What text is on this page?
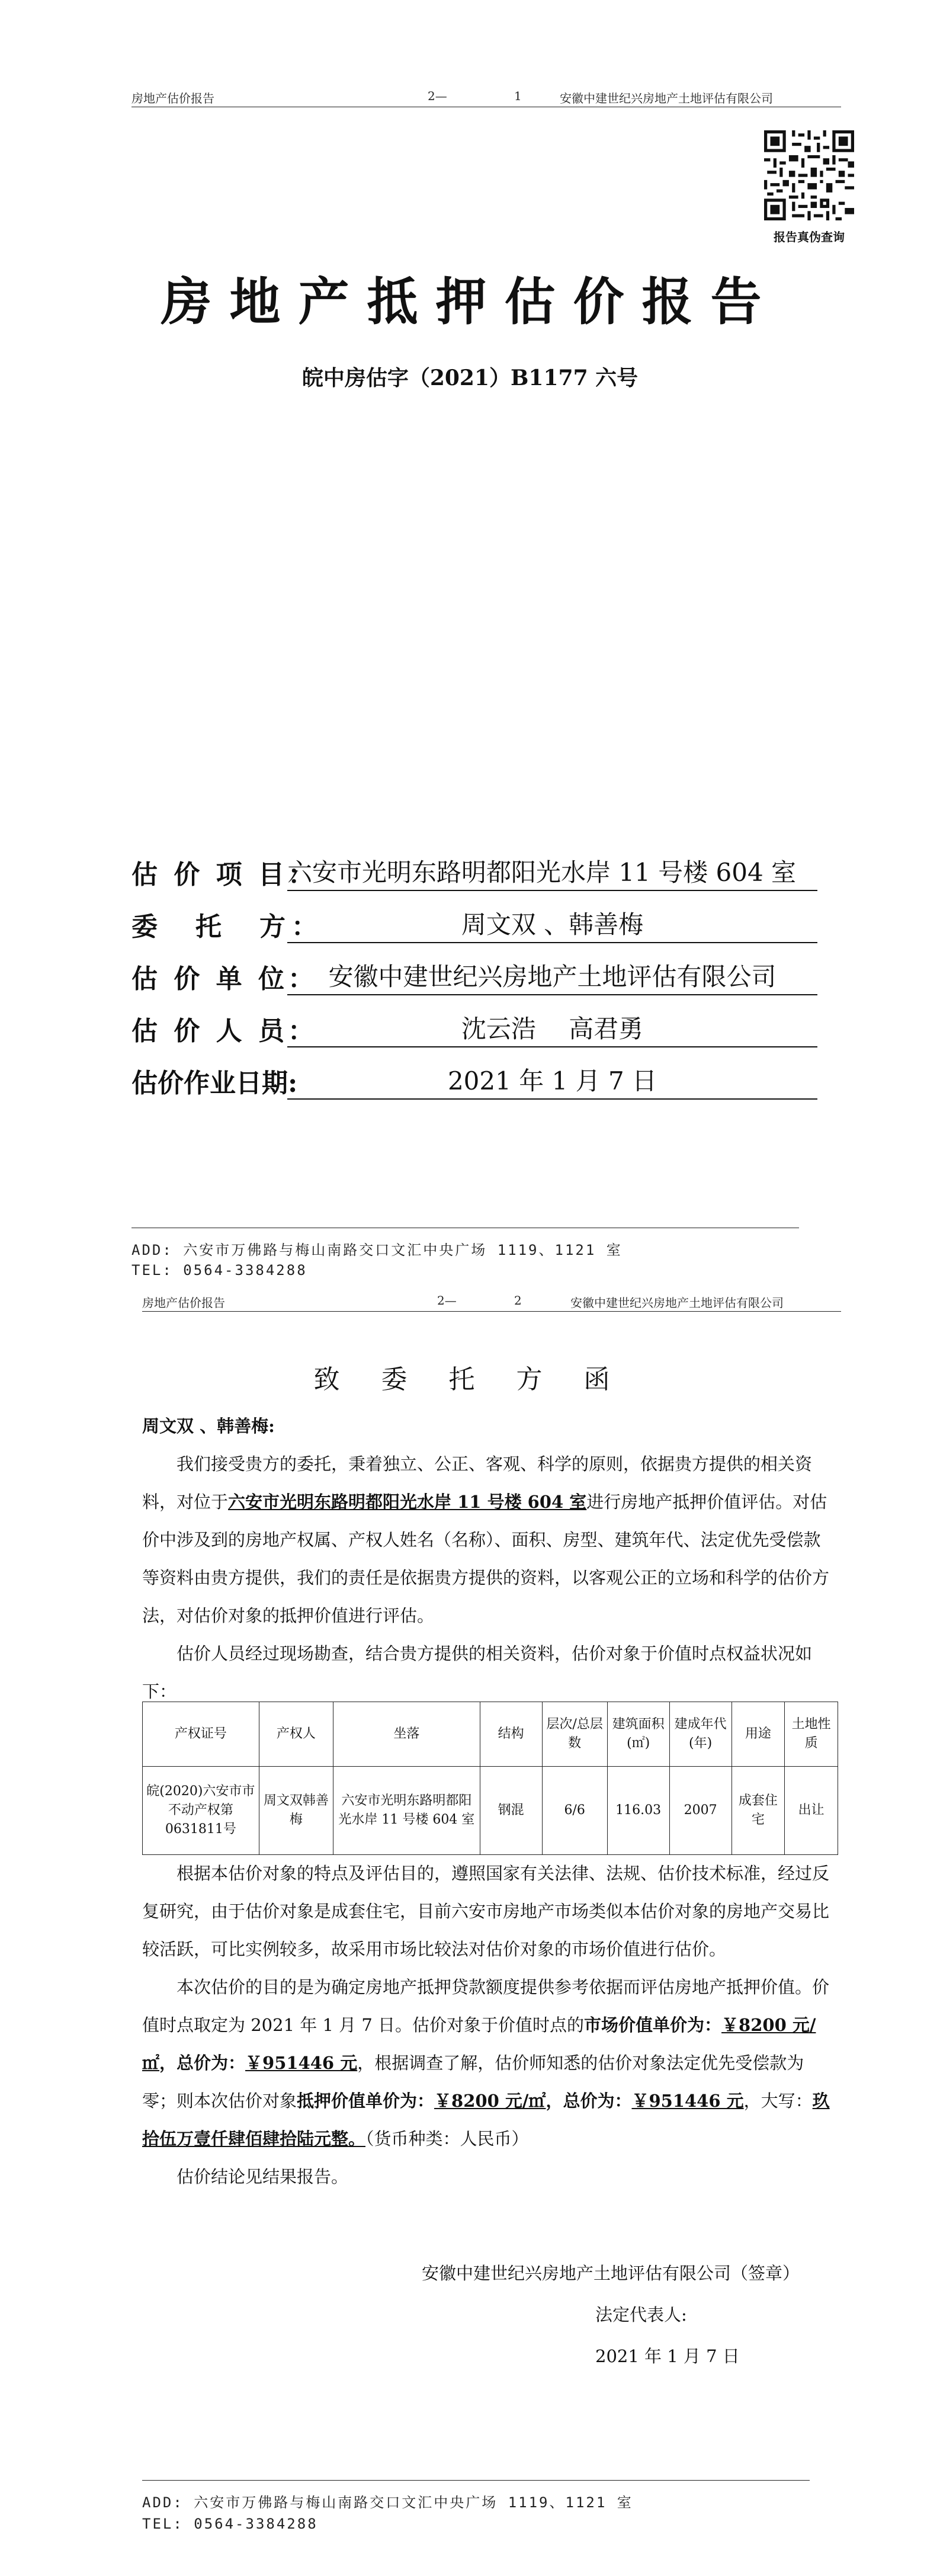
房地产估价报告	2—	1	安徽中建世纪兴房地产土地评估有限公司
报告真伪查询
房地产抵押估价报告
皖中房估字（2021）B1177 六号
估 价 项 目：
六安市光明东路明都阳光水岸 11 号楼 604 室
委　托　方：	周文双 、韩善梅
估 价 单 位： 安徽中建世纪兴房地产土地评估有限公司
估 价 人 员：	沈云浩　 高君勇
估价作业日期:	2021 年 1 月 7 日
ADD: 六安市万佛路与梅山南路交口文汇中央广场 1119、1121 室
TEL: 0564-3384288
房地产估价报告	2—	2	安徽中建世纪兴房地产土地评估有限公司
致 委 托 方 函

周文双 、韩善梅:

我们接受贵方的委托，秉着独立、公正、客观、科学的原则，依据贵方提供的相关资料，对位于六安市光明东路明都阳光水岸 11 号楼 604 室进行房地产抵押价值评估。对估价中涉及到的房地产权属、产权人姓名（名称）、面积、房型、建筑年代、法定优先受偿款等资料由贵方提供，我们的责任是依据贵方提供的资料，以客观公正的立场和科学的估价方法，对估价对象的抵押价值进行评估。

估价人员经过现场勘查，结合贵方提供的相关资料，估价对象于价值时点权益状况如下：

产权证号	产权人	坐落	结构	层次/总层数	建筑面积(㎡)	建成年代(年)	用途	土地性质
皖(2020)六安市市不动产权第0631811号	周文双韩善梅	六安市光明东路明都阳光水岸 11 号楼 604 室	钢混	6/6	116.03	2007	成套住宅	出让

根据本估价对象的特点及评估目的，遵照国家有关法律、法规、估价技术标准，经过反复研究，由于估价对象是成套住宅，目前六安市房地产市场类似本估价对象的房地产交易比较活跃，可比实例较多，故采用市场比较法对估价对象的市场价值进行估价。

本次估价的目的是为确定房地产抵押贷款额度提供参考依据而评估房地产抵押价值。价值时点取定为 2021 年 1 月 7 日。估价对象于价值时点的市场价值单价为：￥8200 元/㎡，总价为：￥951446 元，根据调查了解，估价师知悉的估价对象法定优先受偿款为零；则本次估价对象抵押价值单价为：￥8200 元/㎡，总价为：￥951446 元，大写：玖拾伍万壹仟肆佰肆拾陆元整。（货币种类：人民币）

估价结论见结果报告。

安徽中建世纪兴房地产土地评估有限公司（签章）
法定代表人:
2021 年 1 月 7 日
ADD: 六安市万佛路与梅山南路交口文汇中央广场 1119、1121 室
TEL: 0564-3384288
